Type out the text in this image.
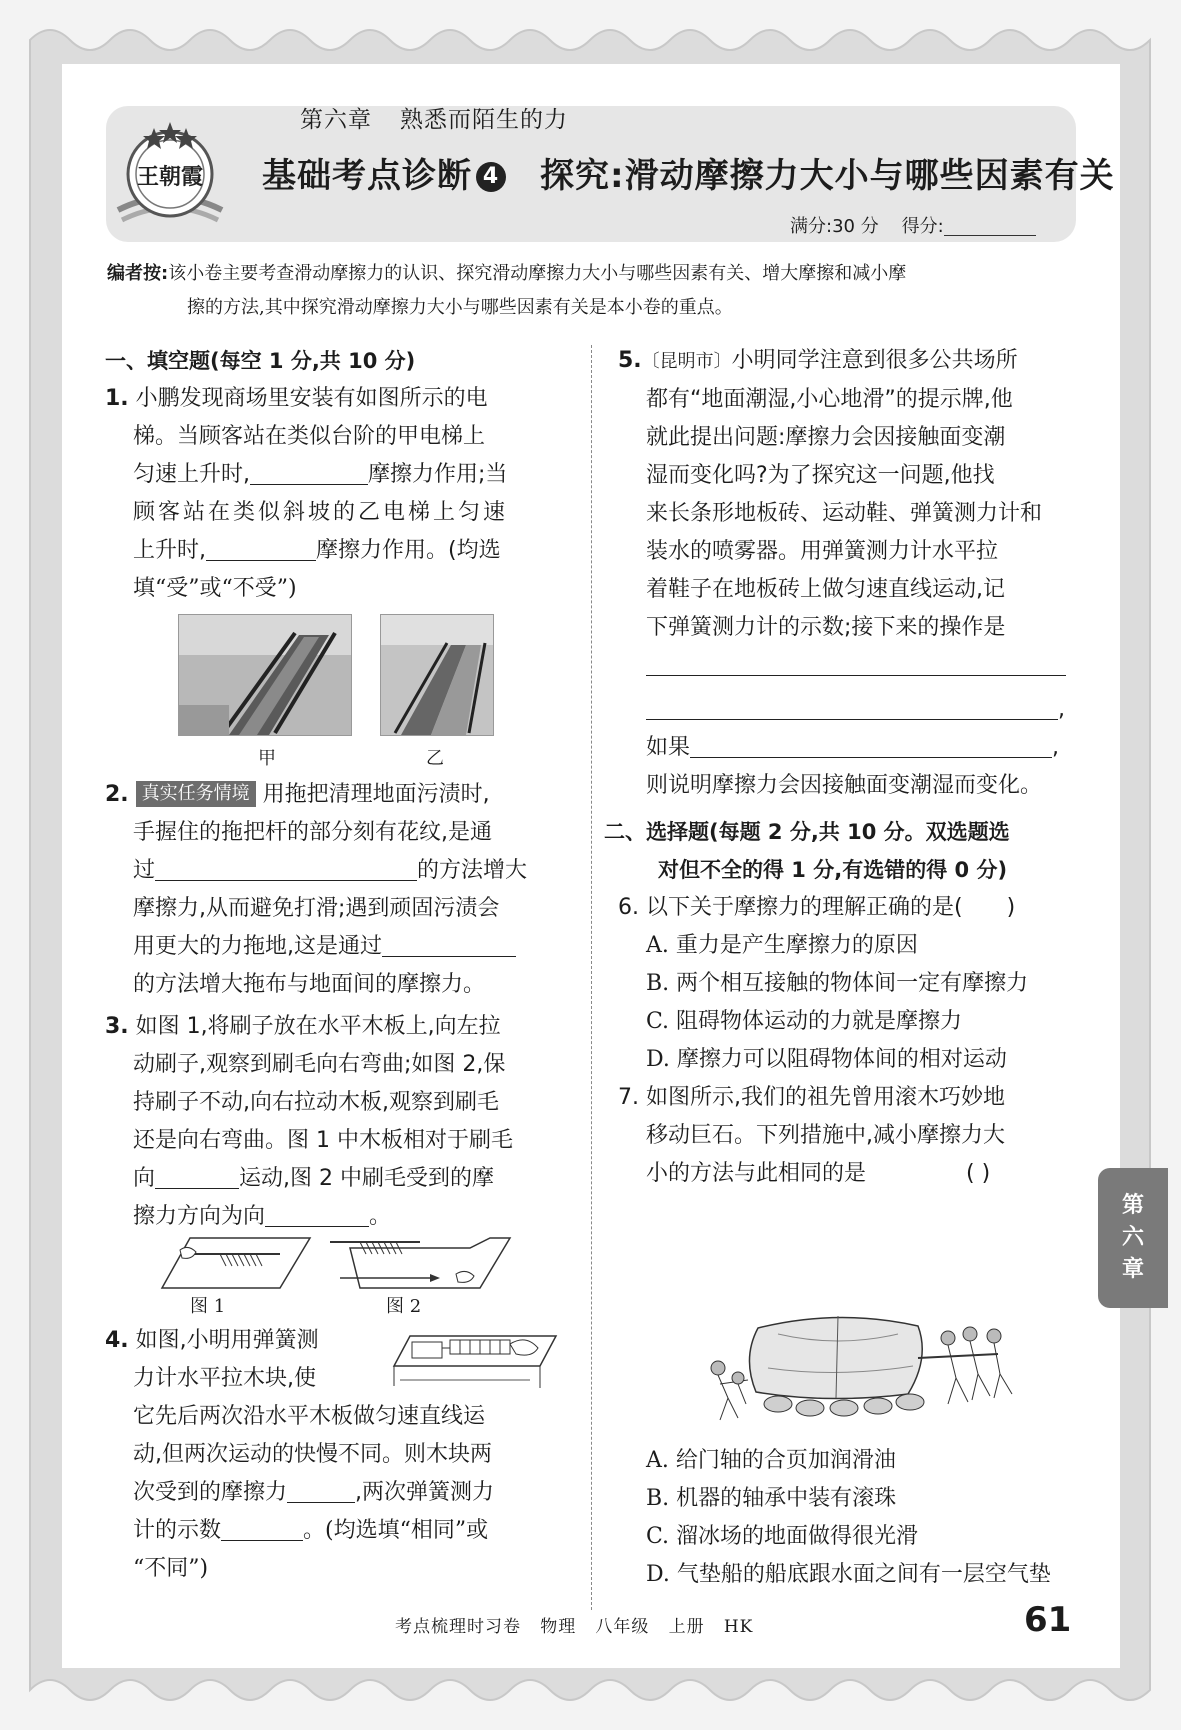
王朝霞
第六章 熟悉而陌生的力
基础考点诊断 4 探究:滑动摩擦力大小与哪些因素有关
满分:30 分 得分:
编者按:该小卷主要考查滑动摩擦力的认识、探究滑动摩擦力大小与哪些因素有关、增大摩擦和减小摩
擦的方法,其中探究滑动摩擦力大小与哪些因素有关是本小卷的重点。

一、填空题(每空 1 分,共 10 分)

1. 小鹏发现商场里安装有如图所示的电

梯。当顾客站在类似台阶的甲电梯上

匀速上升时,	摩擦力作用;当

顾客站在类似斜坡的乙电梯上匀速

上升时,	摩擦力作用。(均选

填“受”或“不受”)

甲	乙

2. 真实任务情境 用拖把清理地面污渍时,

手握住的拖把杆的部分刻有花纹,是通

过	的方法增大

摩擦力,从而避免打滑;遇到顽固污渍会

用更大的力拖地,这是通过

的方法增大拖布与地面间的摩擦力。

3. 如图 1,将刷子放在水平木板上,向左拉

动刷子,观察到刷毛向右弯曲;如图 2,保

持刷子不动,向右拉动木板,观察到刷毛

还是向右弯曲。图 1 中木板相对于刷毛

向	运动,图 2 中刷毛受到的摩

擦力方向为向	。

图 1	图 2

4. 如图,小明用弹簧测

力计水平拉木块,使

它先后两次沿水平木板做匀速直线运

动,但两次运动的快慢不同。则木块两

次受到的摩擦力	,两次弹簧测力

计的示数	。(均选填“相同”或

“不同”)

5.〔昆明市〕小明同学注意到很多公共场所

都有“地面潮湿,小心地滑”的提示牌,他

就此提出问题:摩擦力会因接触面变潮

湿而变化吗?为了探究这一问题,他找

来长条形地板砖、运动鞋、弹簧测力计和

装水的喷雾器。用弹簧测力计水平拉

着鞋子在地板砖上做匀速直线运动,记

下弹簧测力计的示数;接下来的操作是

,

如果	,

则说明摩擦力会因接触面变潮湿而变化。

二、选择题(每题 2 分,共 10 分。双选题选

对但不全的得 1 分,有选错的得 0 分)

6. 以下关于摩擦力的理解正确的是( )

A. 重力是产生摩擦力的原因

B. 两个相互接触的物体间一定有摩擦力

C. 阻碍物体运动的力就是摩擦力

D. 摩擦力可以阻碍物体间的相对运动

7. 如图所示,我们的祖先曾用滚木巧妙地

移动巨石。下列措施中,减小摩擦力大

小的方法与此相同的是	( )

A. 给门轴的合页加润滑油

B. 机器的轴承中装有滚珠

C. 溜冰场的地面做得很光滑

D. 气垫船的船底跟水面之间有一层空气垫

第
六
章
考点梳理时习卷   物理   八年级   上册   HK	61
